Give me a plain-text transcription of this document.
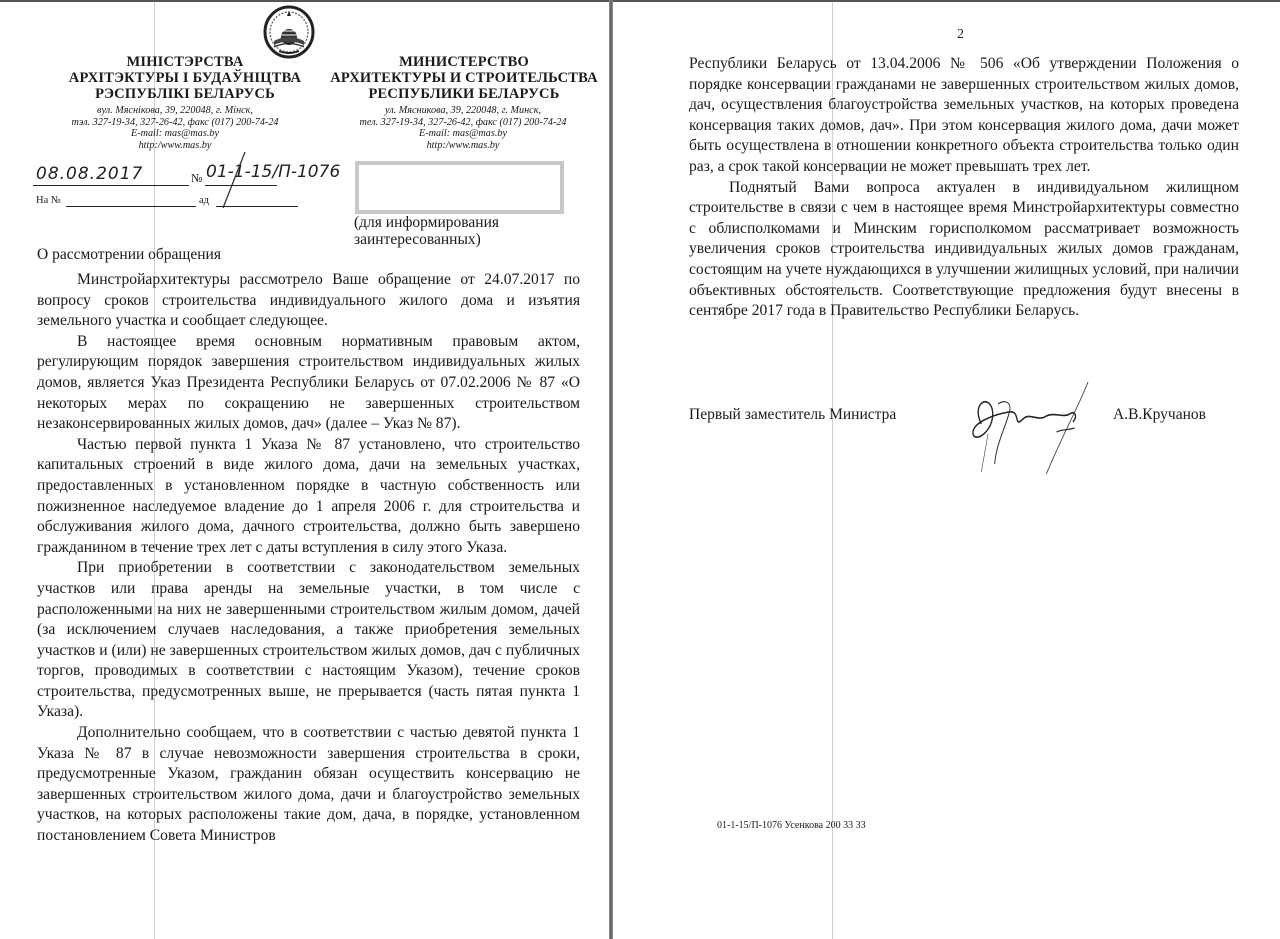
МІНІСТЭРСТВА
АРХІТЭКТУРЫ І БУДАЎНІЦТВА
РЭСПУБЛІКІ БЕЛАРУСЬ
МИНИСТЕРСТВО
АРХИТЕКТУРЫ И СТРОИТЕЛЬСТВА
РЕСПУБЛИКИ БЕЛАРУСЬ
вул. Мяснікова, 39, 220048, г. Мінск,
тэл. 327-19-34, 327-26-42, факс (017) 200-74-24
E-mail: mas@mas.by
http:/www.mas.by
ул. Мясникова, 39, 220048, г. Минск,
тел. 327-19-34, 327-26-42, факс (017) 200-74-24
E-mail: mas@mas.by
http:/www.mas.by
08.08.2017	№ 01-1-15/П-1076
На №	ад
(для информирования заинтересованных)
О рассмотрении обращения

Минстройархитектуры рассмотрело Ваше обращение от 24.07.2017 по вопросу сроков строительства индивидуального жилого дома и изъятия земельного участка и сообщает следующее.

В настоящее время основным нормативным правовым актом, регулирующим порядок завершения строительством индивидуальных жилых домов, является Указ Президента Республики Беларусь от 07.02.2006 № 87 «О некоторых мерах по сокращению не завершенных строительством незаконсервированных жилых домов, дач» (далее – Указ № 87).

Частью первой пункта 1 Указа № 87 установлено, что строительство капитальных строений в виде жилого дома, дачи на земельных участках, предоставленных в установленном порядке в частную собственность или пожизненное наследуемое владение до 1 апреля 2006 г. для строительства и обслуживания жилого дома, дачного строительства, должно быть завершено гражданином в течение трех лет с даты вступления в силу этого Указа.

При приобретении в соответствии с законодательством земельных участков или права аренды на земельные участки, в том числе с расположенными на них не завершенными строительством жилым домом, дачей (за исключением случаев наследования, а также приобретения земельных участков и (или) не завершенных строительством жилых домов, дач с публичных торгов, проводимых в соответствии с настоящим Указом), течение сроков строительства, предусмотренных выше, не прерывается (часть пятая пункта 1 Указа).

Дополнительно сообщаем, что в соответствии с частью девятой пункта 1 Указа № 87 в случае невозможности завершения строительства в сроки, предусмотренные Указом, гражданин обязан осуществить консервацию не завершенных строительством жилого дома, дачи и благоустройство земельных участков, на которых расположены такие дом, дача, в порядке, установленном постановлением Совета Министров

2

Республики Беларусь от 13.04.2006 № 506 «Об утверждении Положения о порядке консервации гражданами не завершенных строительством жилых домов, дач, осуществления благоустройства земельных участков, на которых проведена консервация таких домов, дач». При этом консервация жилого дома, дачи может быть осуществлена в отношении конкретного объекта строительства только один раз, а срок такой консервации не может превышать трех лет.

Поднятый Вами вопроса актуален в индивидуальном жилищном строительстве в связи с чем в настоящее время Минстройархитектуры совместно с облисполкомами и Минским горисполкомом рассматривает возможность увеличения сроков строительства индивидуальных жилых домов гражданам, состоящим на учете нуждающихся в улучшении жилищных условий, при наличии объективных обстоятельств. Соответствующие предложения будут внесены в сентябре 2017 года в Правительство Республики Беларусь.

Первый заместитель Министра	А.В.Кручанов
01-1-15/П-1076 Усенкова 200 33 33
